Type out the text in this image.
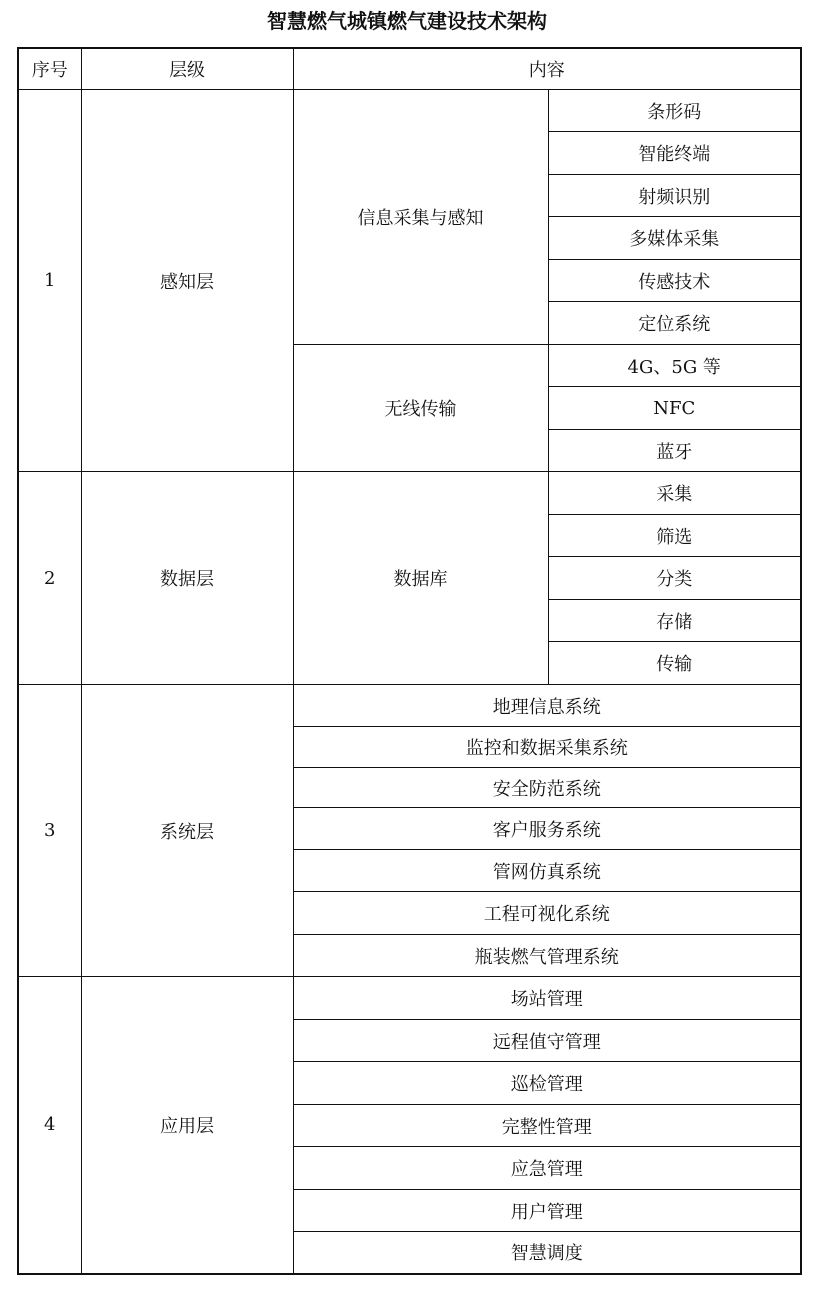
智慧燃气城镇燃气建设技术架构
序号	层级	内容	
1	感知层	信息采集与感知	条形码
			智能终端
			射频识别
			多媒体采集
			传感技术
			定位系统
		无线传输	4G、5G 等
			NFC
			蓝牙
2	数据层	数据库	采集
			筛选
			分类
			存储
			传输
3	系统层	地理信息系统	
		监控和数据采集系统	
		安全防范系统	
		客户服务系统	
		管网仿真系统	
		工程可视化系统	
		瓶装燃气管理系统	
4	应用层	场站管理	
		远程值守管理	
		巡检管理	
		完整性管理	
		应急管理	
		用户管理	
		智慧调度	
